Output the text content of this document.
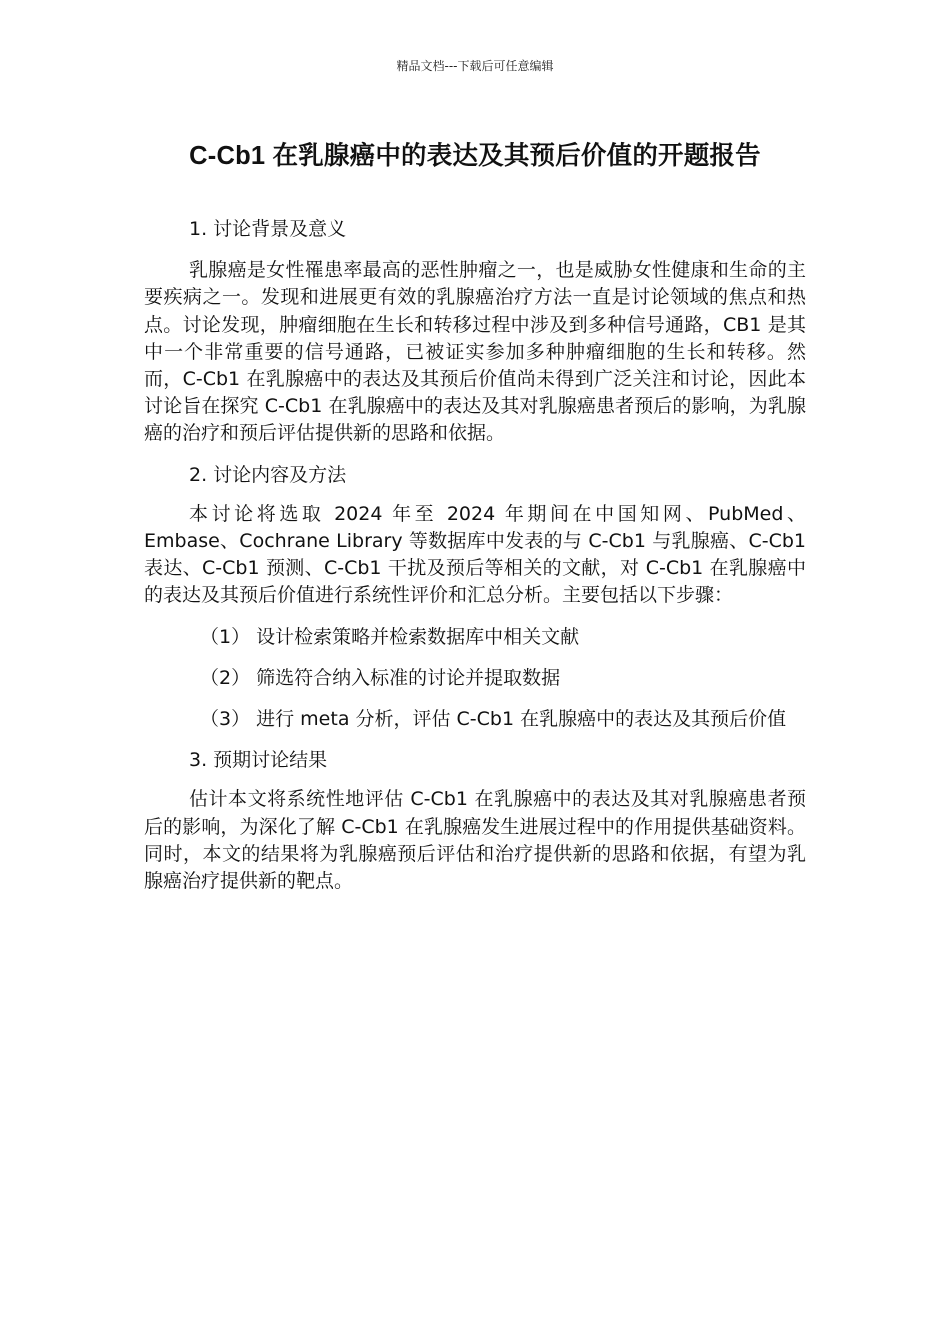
精品文档---下载后可任意编辑
C-Cb1 在乳腺癌中的表达及其预后价值的开题报告
1. 讨论背景及意义
乳腺癌是女性罹患率最高的恶性肿瘤之一，也是威胁女性健康和生命的主要疾病之一。发现和进展更有效的乳腺癌治疗方法一直是讨论领域的焦点和热点。讨论发现，肿瘤细胞在生长和转移过程中涉及到多种信号通路，CB1 是其中一个非常重要的信号通路，已被证实参加多种肿瘤细胞的生长和转移。然而，C-Cb1 在乳腺癌中的表达及其预后价值尚未得到广泛关注和讨论，因此本讨论旨在探究 C-Cb1 在乳腺癌中的表达及其对乳腺癌患者预后的影响，为乳腺癌的治疗和预后评估提供新的思路和依据。
2. 讨论内容及方法
本讨论将选取 2024 年至 2024 年期间在中国知网、PubMed、Embase、Cochrane Library 等数据库中发表的与 C-Cb1 与乳腺癌、C-Cb1 表达、C-Cb1 预测、C-Cb1 干扰及预后等相关的文献，对 C-Cb1 在乳腺癌中的表达及其预后价值进行系统性评价和汇总分析。主要包括以下步骤：
（1） 设计检索策略并检索数据库中相关文献
（2） 筛选符合纳入标准的讨论并提取数据
（3） 进行 meta 分析，评估 C-Cb1 在乳腺癌中的表达及其预后价值
3. 预期讨论结果
估计本文将系统性地评估 C-Cb1 在乳腺癌中的表达及其对乳腺癌患者预后的影响，为深化了解 C-Cb1 在乳腺癌发生进展过程中的作用提供基础资料。同时，本文的结果将为乳腺癌预后评估和治疗提供新的思路和依据，有望为乳腺癌治疗提供新的靶点。
